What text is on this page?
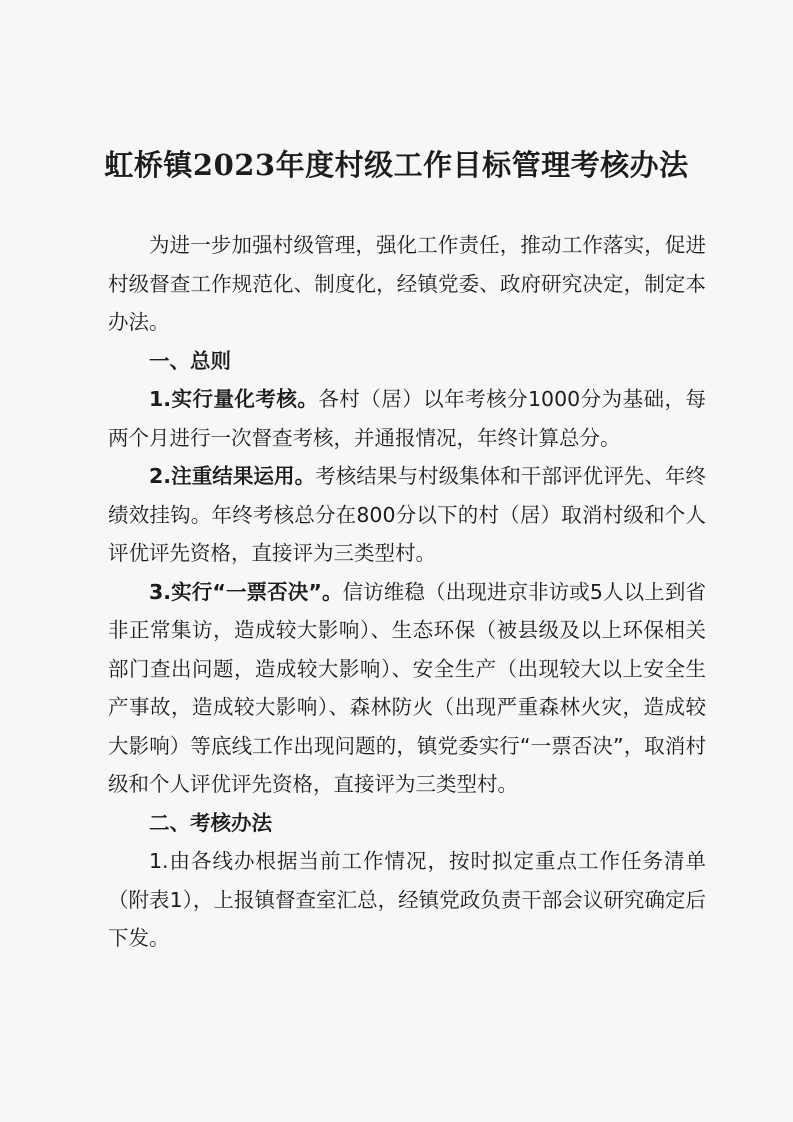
虹桥镇2023年度村级工作目标管理考核办法

为进一步加强村级管理，强化工作责任，推动工作落实，促进村级督查工作规范化、制度化，经镇党委、政府研究决定，制定本办法。

一、总则

1.实行量化考核。各村（居）以年考核分1000分为基础，每两个月进行一次督查考核，并通报情况，年终计算总分。

2.注重结果运用。考核结果与村级集体和干部评优评先、年终绩效挂钩。年终考核总分在800分以下的村（居）取消村级和个人评优评先资格，直接评为三类型村。

3.实行“一票否决”。信访维稳（出现进京非访或5人以上到省非正常集访，造成较大影响）、生态环保（被县级及以上环保相关部门查出问题，造成较大影响）、安全生产（出现较大以上安全生产事故，造成较大影响）、森林防火（出现严重森林火灾，造成较大影响）等底线工作出现问题的，镇党委实行“一票否决”，取消村级和个人评优评先资格，直接评为三类型村。

二、考核办法

1.由各线办根据当前工作情况，按时拟定重点工作任务清单（附表1），上报镇督查室汇总，经镇党政负责干部会议研究确定后下发。
